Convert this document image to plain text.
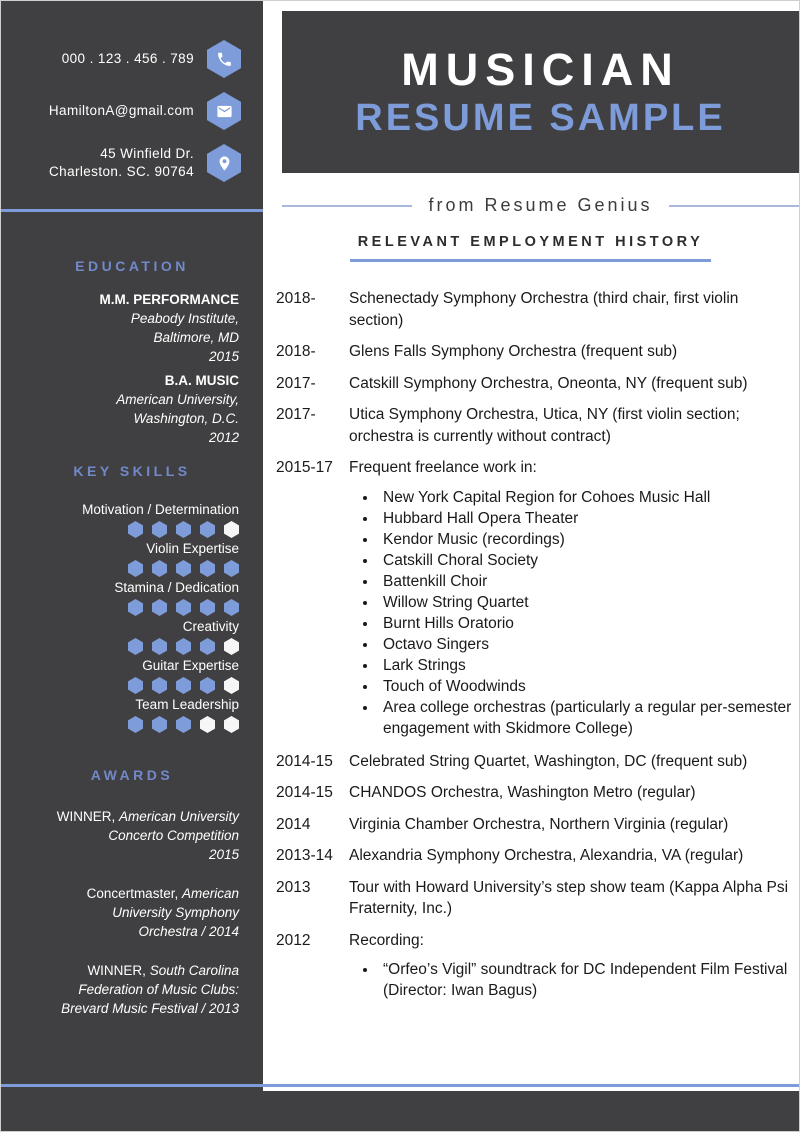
000 . 123 . 456 . 789
HamiltonA@gmail.com
45 Winfield Dr.
Charleston. SC. 90764
EDUCATION
M.M. PERFORMANCE
Peabody Institute,
Baltimore, MD
2015
B.A. MUSIC
American University,
Washington, D.C.
2012
KEY SKILLS
Motivation / Determination
Violin Expertise
Stamina / Dedication
Creativity
Guitar Expertise
Team Leadership
AWARDS
WINNER, American University
Concerto Competition
2015
Concertmaster, American
University Symphony
Orchestra / 2014
WINNER, South Carolina
Federation of Music Clubs:
Brevard Music Festival / 2013
MUSICIAN
RESUME SAMPLE
from Resume Genius
RELEVANT EMPLOYMENT HISTORY
2018-	Schenectady Symphony Orchestra (third chair, first violin section)
2018-	Glens Falls Symphony Orchestra (frequent sub)
2017-	Catskill Symphony Orchestra, Oneonta, NY (frequent sub)
2017-	Utica Symphony Orchestra, Utica, NY (first violin section; orchestra is currently without contract)
2015-17	Frequent freelance work in:
• New York Capital Region for Cohoes Music Hall
• Hubbard Hall Opera Theater
• Kendor Music (recordings)
• Catskill Choral Society
• Battenkill Choir
• Willow String Quartet
• Burnt Hills Oratorio
• Octavo Singers
• Lark Strings
• Touch of Woodwinds
• Area college orchestras (particularly a regular per-semester engagement with Skidmore College)
2014-15	Celebrated String Quartet, Washington, DC (frequent sub)
2014-15	CHANDOS Orchestra, Washington Metro (regular)
2014	Virginia Chamber Orchestra, Northern Virginia (regular)
2013-14	Alexandria Symphony Orchestra, Alexandria, VA (regular)
2013	Tour with Howard University’s step show team (Kappa Alpha Psi Fraternity, Inc.)
2012	Recording:
• “Orfeo’s Vigil” soundtrack for DC Independent Film Festival (Director: Iwan Bagus)
